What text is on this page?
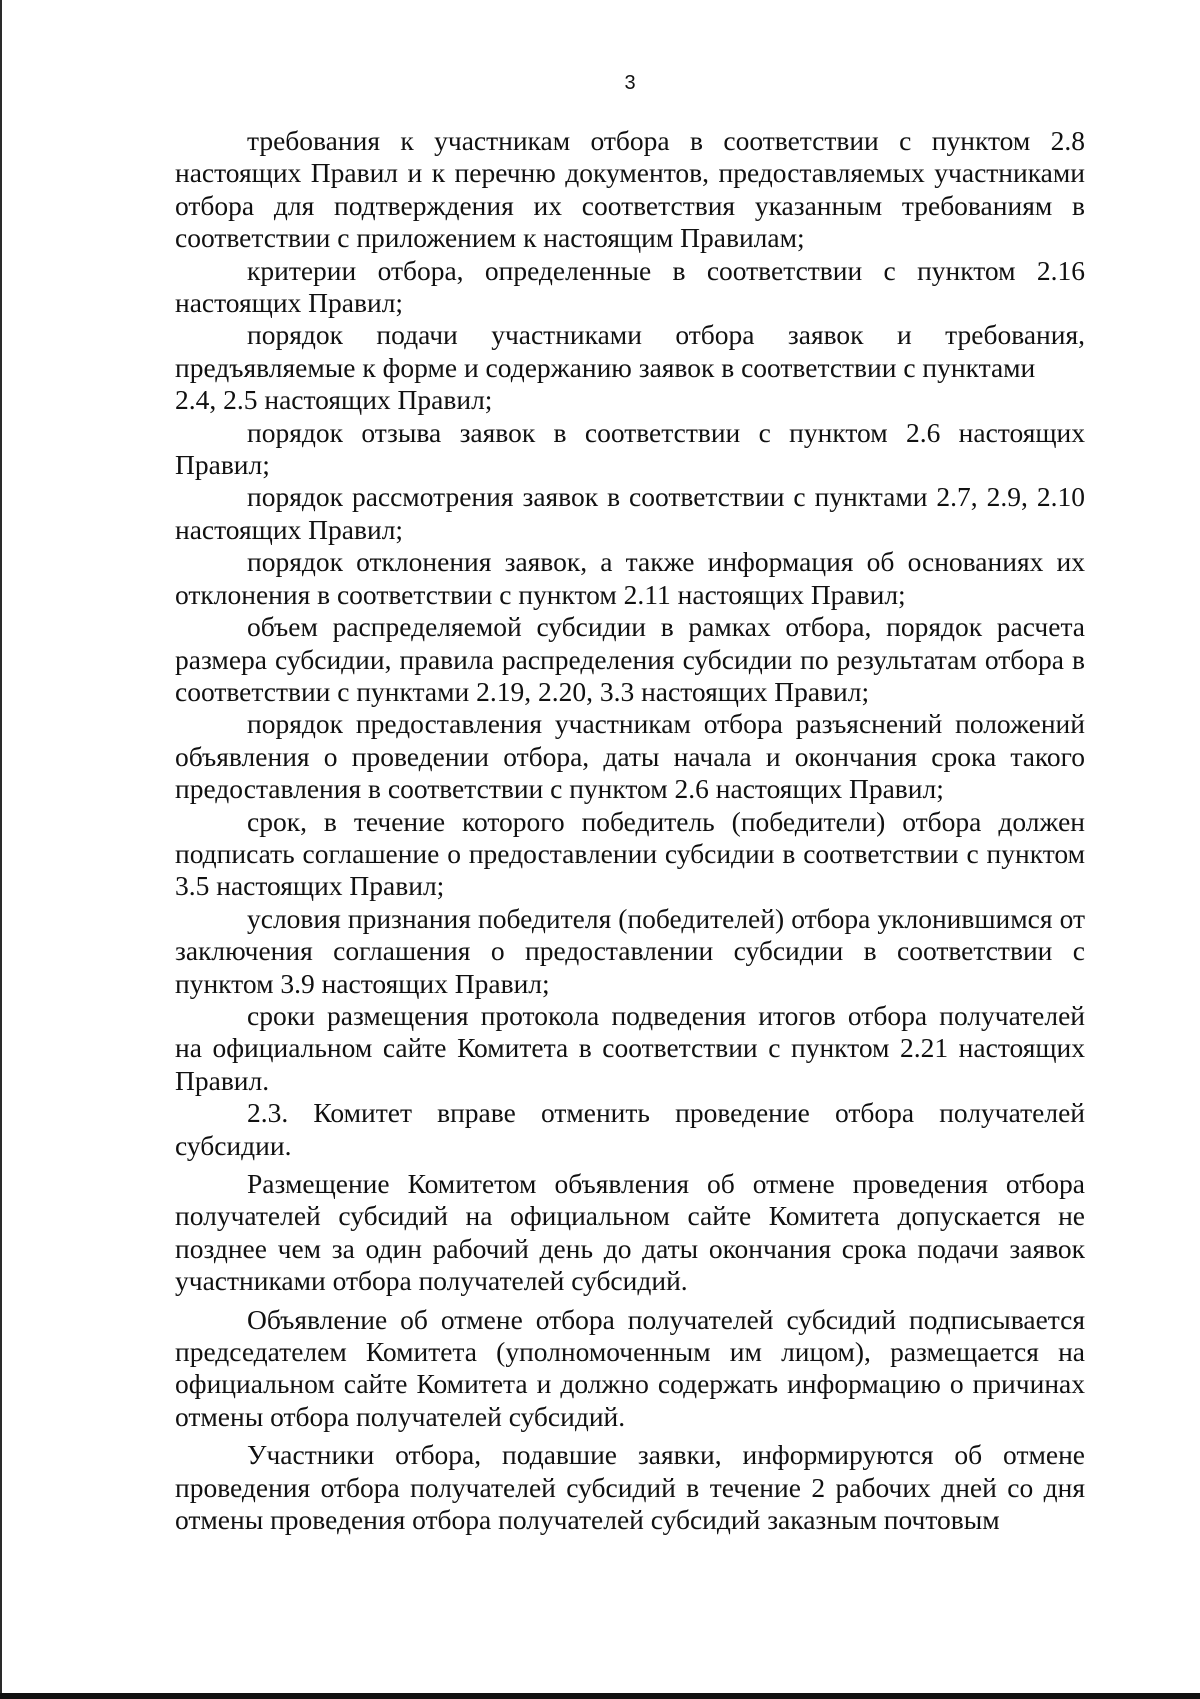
3

требования к участникам отбора в соответствии с пунктом 2.8 настоящих Правил и к перечню документов, предоставляемых участниками отбора для подтверждения их соответствия указанным требованиям в соответствии с приложением к настоящим Правилам;

критерии отбора, определенные в соответствии с пунктом 2.16 настоящих Правил;

порядок подачи участниками отбора заявок и требования, предъявляемые к форме и содержанию заявок в соответствии с пунктами
2.4, 2.5 настоящих Правил;

порядок отзыва заявок в соответствии с пунктом 2.6 настоящих Правил;

порядок рассмотрения заявок в соответствии с пунктами 2.7, 2.9, 2.10 настоящих Правил;

порядок отклонения заявок, а также информация об основаниях их отклонения в соответствии с пунктом 2.11 настоящих Правил;

объем распределяемой субсидии в рамках отбора, порядок расчета размера субсидии, правила распределения субсидии по результатам отбора в соответствии с пунктами 2.19, 2.20, 3.3 настоящих Правил;

порядок предоставления участникам отбора разъяснений положений объявления о проведении отбора, даты начала и окончания срока такого предоставления в соответствии с пунктом 2.6 настоящих Правил;

срок, в течение которого победитель (победители) отбора должен подписать соглашение о предоставлении субсидии в соответствии с пунктом 3.5 настоящих Правил;

условия признания победителя (победителей) отбора уклонившимся от заключения соглашения о предоставлении субсидии в соответствии с пунктом 3.9 настоящих Правил;

сроки размещения протокола подведения итогов отбора получателей на официальном сайте Комитета в соответствии с пунктом 2.21 настоящих Правил.

2.3. Комитет вправе отменить проведение отбора получателей субсидии.

Размещение Комитетом объявления об отмене проведения отбора получателей субсидий на официальном сайте Комитета допускается не позднее чем за один рабочий день до даты окончания срока подачи заявок участниками отбора получателей субсидий.

Объявление об отмене отбора получателей субсидий подписывается председателем Комитета (уполномоченным им лицом), размещается на официальном сайте Комитета и должно содержать информацию о причинах отмены отбора получателей субсидий.

Участники отбора, подавшие заявки, информируются об отмене проведения отбора получателей субсидий в течение 2 рабочих дней со дня отмены проведения отбора получателей субсидий заказным почтовым
